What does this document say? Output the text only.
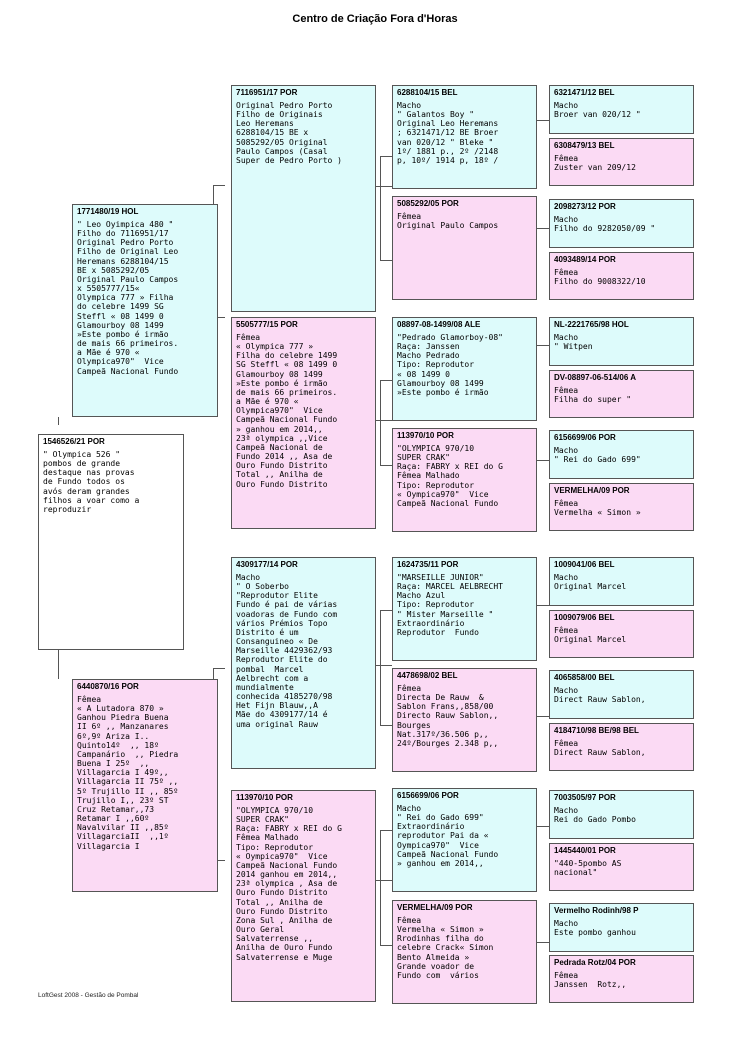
Centro de Criação Fora d'Horas
1546526/21 POR
" Olympica 526 "
pombos de grande
destaque nas provas
de Fundo todos os
avós deram grandes
filhos a voar como a
reproduzir
1771480/19 HOL
" Leo Oyimpica 480 "
Filho do 7116951/17
Original Pedro Porto
Filho de Original Leo
Heremans 6288104/15
BE x 5085292/05
Original Paulo Campos
x 5505777/15«
Olympica 777 » Filha
do celebre 1499 SG
Steffl « 08 1499 0
Glamourboy 08 1499
»Este pombo é irmão
de mais 66 primeiros.
a Mãe é 970 «
Olympica970"  Vice
Campeã Nacional Fundo
6440870/16 POR
Fêmea
« A Lutadora 870 »
Ganhou Piedra Buena
II 6º ,, Manzanares
6º,9º Ariza I..
Quinto14º  ,, 18º
Campanário  ,, Piedra
Buena I 25º  ,,
Villagarcia I 49º,,
Villagarcia II 75º ,,
5º Trujillo II ,, 85º
Trujillo I,, 23º ST
Cruz Retamar,,73
Retamar I ,,60º
Navalvilar II ,,85º
VillagarciaII  ,,1º
Villagarcia I
7116951/17 POR
Original Pedro Porto
Filho de Originais
Leo Heremans
6288104/15 BE x
5085292/05 Original
Paulo Campos (Casal
Super de Pedro Porto )
5505777/15 POR
Fêmea
« Olympica 777 »
Filha do celebre 1499
SG Steffl « 08 1499 0
Glamourboy 08 1499
»Este pombo é irmão
de mais 66 primeiros.
a Mãe é 970 «
Olympica970"  Vice
Campeã Nacional Fundo
» ganhou em 2014,,
23ª olympica ,,Vice
Campeã Nacional de
Fundo 2014 ,, Asa de
Ouro Fundo Distrito
Total ,, Anilha de
Ouro Fundo Distrito
4309177/14 POR
Macho
" O Soberbo
"Reprodutor Elite
Fundo é pai de várias
voadoras de Fundo com
vários Prémios Topo
Distrito é um
Consanguineo « De
Marseille 4429362/93
Reprodutor Elite do
pombal  Marcel
Aelbrecht com a
mundialmente
conhecida 4185270/98
Het Fijn Blauw,,A
Mãe do 4309177/14 é
uma original Rauw
113970/10 POR
"OLYMPICA 970/10
SUPER CRAK"
Raça: FABRY x REI do G
Fêmea Malhado
Tipo: Reprodutor
« Oympica970"  Vice
Campeã Nacional Fundo
2014 ganhou em 2014,,
23ª olympica , Asa de
Ouro Fundo Distrito
Total ,, Anilha de
Ouro Fundo Distrito
Zona Sul , Anilha de
Ouro Geral
Salvaterrense ,,
Anilha de Ouro Fundo
Salvaterrense e Muge
6288104/15 BEL
Macho
" Galantos Boy "
Original Leo Heremans
; 6321471/12 BE Broer
van 020/12 " Bleke "
1º/ 1881 p., 2º /2148
p, 10º/ 1914 p, 18º /
5085292/05 POR
Fêmea
Original Paulo Campos
08897-08-1499/08 ALE
"Pedrado Glamorboy-08"
Raça: Janssen
Macho Pedrado
Tipo: Reprodutor
« 08 1499 0
Glamourboy 08 1499
»Este pombo é irmão
113970/10 POR
"OLYMPICA 970/10
SUPER CRAK"
Raça: FABRY x REI do G
Fêmea Malhado
Tipo: Reprodutor
« Oympica970"  Vice
Campeã Nacional Fundo
1624735/11 POR
"MARSEILLE JUNIOR"
Raça: MARCEL AELBRECHT
Macho Azul
Tipo: Reprodutor
" Mister Marseille "
Extraordinário
Reprodutor  Fundo
4478698/02 BEL
Fêmea
Directa De Rauw  &
Sablon Frans,,858/00
Directo Rauw Sablon,,
Bourges
Nat.317º/36.506 p,,
24º/Bourges 2.348 p,,
6156699/06 POR
Macho
" Rei do Gado 699"
Extraordinário
reprodutor Pai da «
Oympica970"  Vice
Campeã Nacional Fundo
» ganhou em 2014,,
VERMELHA/09 POR
Fêmea
Vermelha « Simon »
Rrodinhas filha do
celebre Crack« Simon
Bento Almeida »
Grande voador de
Fundo com  vários
6321471/12 BEL
Macho
Broer van 020/12 "
6308479/13 BEL
Fêmea
Zuster van 209/12
2098273/12 POR
Macho
Filho do 9282050/09 "
4093489/14 POR
Fêmea
Filho do 9008322/10
NL-2221765/98 HOL
Macho
" Witpen
DV-08897-06-514/06 A
Fêmea
Filha do super "
6156699/06 POR
Macho
" Rei do Gado 699"
VERMELHA/09 POR
Fêmea
Vermelha « Simon »
1009041/06 BEL
Macho
Original Marcel
1009079/06 BEL
Fêmea
Original Marcel
4065858/00 BEL
Macho
Direct Rauw Sablon,
4184710/98 BE/98 BEL
Fêmea
Direct Rauw Sablon,
7003505/97 POR
Macho
Rei do Gado Pombo
1445440/01 POR
"440-5pombo AS
nacional"
Vermelho Rodinh/98 P
Macho
Este pombo ganhou
Pedrada Rotz/04 POR
Fêmea
Janssen  Rotz,,
LoftGest 2008 - Gestão de Pombal
